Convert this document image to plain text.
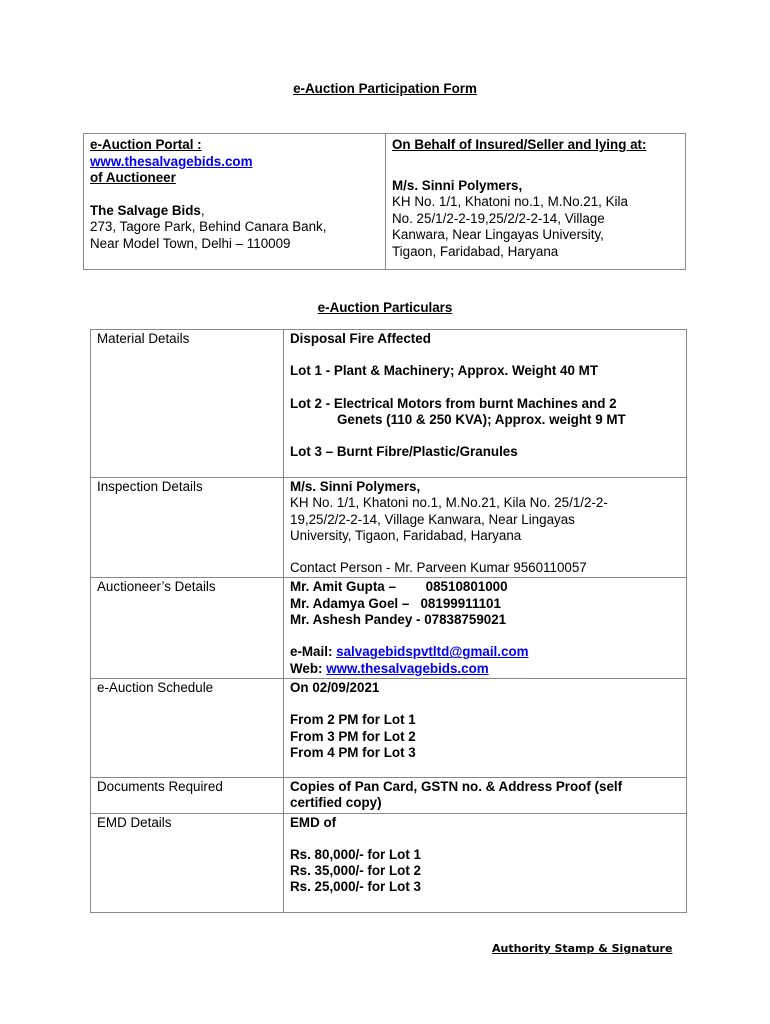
e-Auction Participation Form
e-Auction Portal :
www.thesalvagebids.com
of Auctioneer
The Salvage Bids,
273, Tagore Park, Behind Canara Bank,
Near Model Town, Delhi – 110009

On Behalf of Insured/Seller and lying at:
M/s. Sinni Polymers,
KH No. 1/1, Khatoni no.1, M.No.21, Kila
No. 25/1/2-2-19,25/2/2-2-14, Village
Kanwara, Near Lingayas University,
Tigaon, Faridabad, Haryana
e-Auction Particulars
Material Details	Disposal Fire Affected
Lot 1 - Plant & Machinery; Approx. Weight 40 MT
Lot 2 - Electrical Motors from burnt Machines and 2
Genets (110 & 250 KVA); Approx. weight 9 MT
Lot 3 – Burnt Fibre/Plastic/Granules

Inspection Details	M/s. Sinni Polymers,
KH No. 1/1, Khatoni no.1, M.No.21, Kila No. 25/1/2-2-
19,25/2/2-2-14, Village Kanwara, Near Lingayas
University, Tigaon, Faridabad, Haryana
Contact Person - Mr. Parveen Kumar 9560110057

Auctioneer’s Details	Mr. Amit Gupta –        08510801000
Mr. Adamya Goel –   08199911101
Mr. Ashesh Pandey - 07838759021
e-Mail: salvagebidspvtltd@gmail.com
Web: www.thesalvagebids.com

e-Auction Schedule	On 02/09/2021
From 2 PM for Lot 1
From 3 PM for Lot 2
From 4 PM for Lot 3

Documents Required	Copies of Pan Card, GSTN no. & Address Proof (self
certified copy)

EMD Details	EMD of
Rs. 80,000/- for Lot 1
Rs. 35,000/- for Lot 2
Rs. 25,000/- for Lot 3
Authority Stamp & Signature
